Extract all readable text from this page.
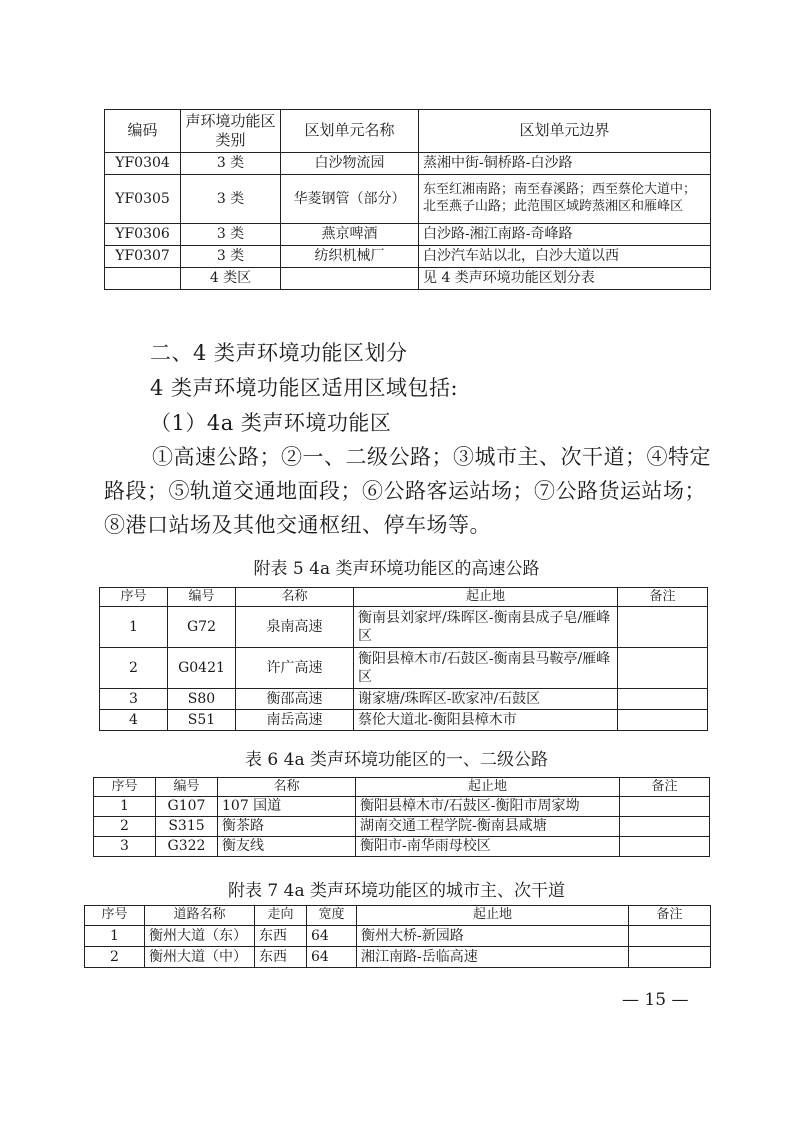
编码	声环境功能区类别	区划单元名称	区划单元边界
YF0304	3 类	白沙物流园	蒸湘中街-铜桥路-白沙路
YF0305	3 类	华菱钢管（部分）	东至红湘南路；南至春溪路；西至蔡伦大道中；北至燕子山路；此范围区域跨蒸湘区和雁峰区
YF0306	3 类	燕京啤酒	白沙路-湘江南路-奇峰路
YF0307	3 类	纺织机械厂	白沙汽车站以北，白沙大道以西
	4 类区		见 4 类声环境功能区划分表

二、4 类声环境功能区划分

4 类声环境功能区适用区域包括:

（1）4a 类声环境功能区

①高速公路；②一、二级公路；③城市主、次干道；④特定路段；⑤轨道交通地面段；⑥公路客运站场；⑦公路货运站场；⑧港口站场及其他交通枢纽、停车场等。

附表 5 4a 类声环境功能区的高速公路

序号	编号	名称	起止地	备注
1	G72	泉南高速	衡南县刘家坪/珠晖区-衡南县成子皂/雁峰区	
2	G0421	许广高速	衡阳县樟木市/石鼓区-衡南县马鞍亭/雁峰区	
3	S80	衡邵高速	谢家塘/珠晖区-欧家冲/石鼓区	
4	S51	南岳高速	蔡伦大道北-衡阳县樟木市	

表 6 4a 类声环境功能区的一、二级公路

序号	编号	名称	起止地	备注
1	G107	107 国道	衡阳县樟木市/石鼓区-衡阳市周家坳	
2	S315	衡茶路	湖南交通工程学院-衡南县咸塘	
3	G322	衡友线	衡阳市-南华雨母校区	

附表 7 4a 类声环境功能区的城市主、次干道

序号	道路名称	走向	宽度	起止地	备注
1	衡州大道（东）	东西	64	衡州大桥-新园路	
2	衡州大道（中）	东西	64	湘江南路-岳临高速	
— 15 —
